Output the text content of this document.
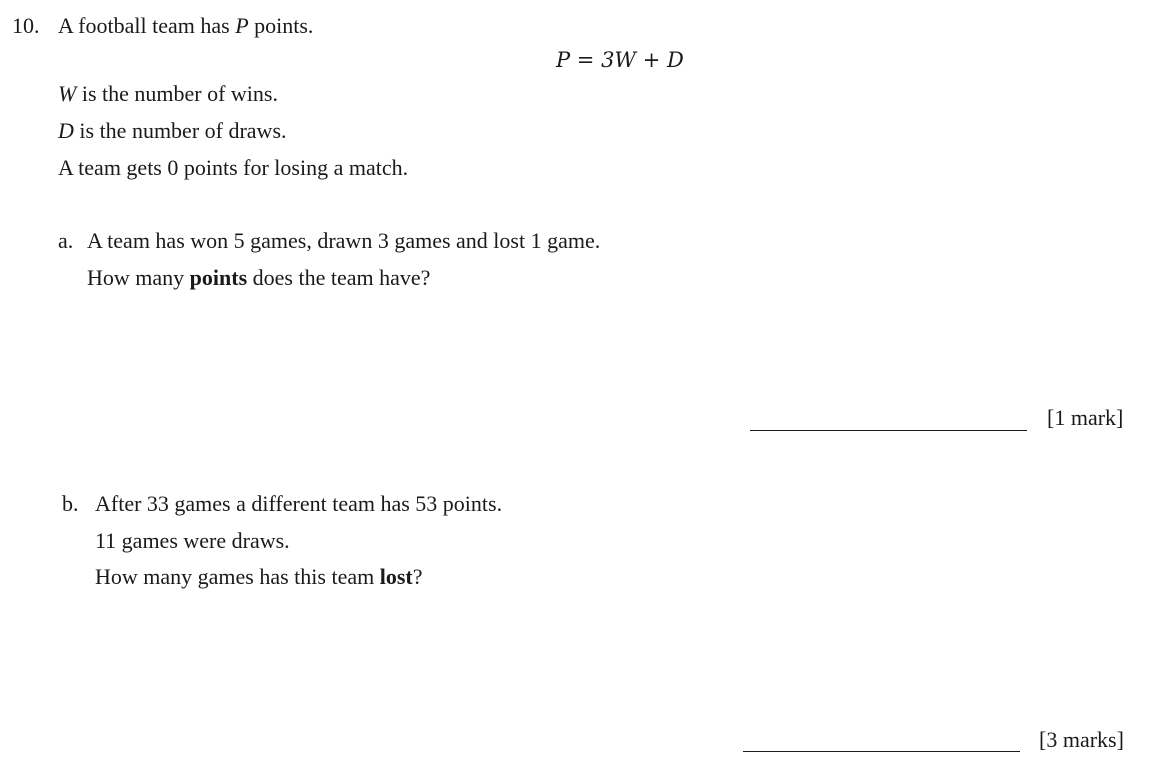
10. A football team has P points.
P = 3W + D
W is the number of wins.
D is the number of draws.
A team gets 0 points for losing a match.
a. A team has won 5 games, drawn 3 games and lost 1 game.
How many points does the team have?
[1 mark]
b. After 33 games a different team has 53 points.
11 games were draws.
How many games has this team lost?
[3 marks]
